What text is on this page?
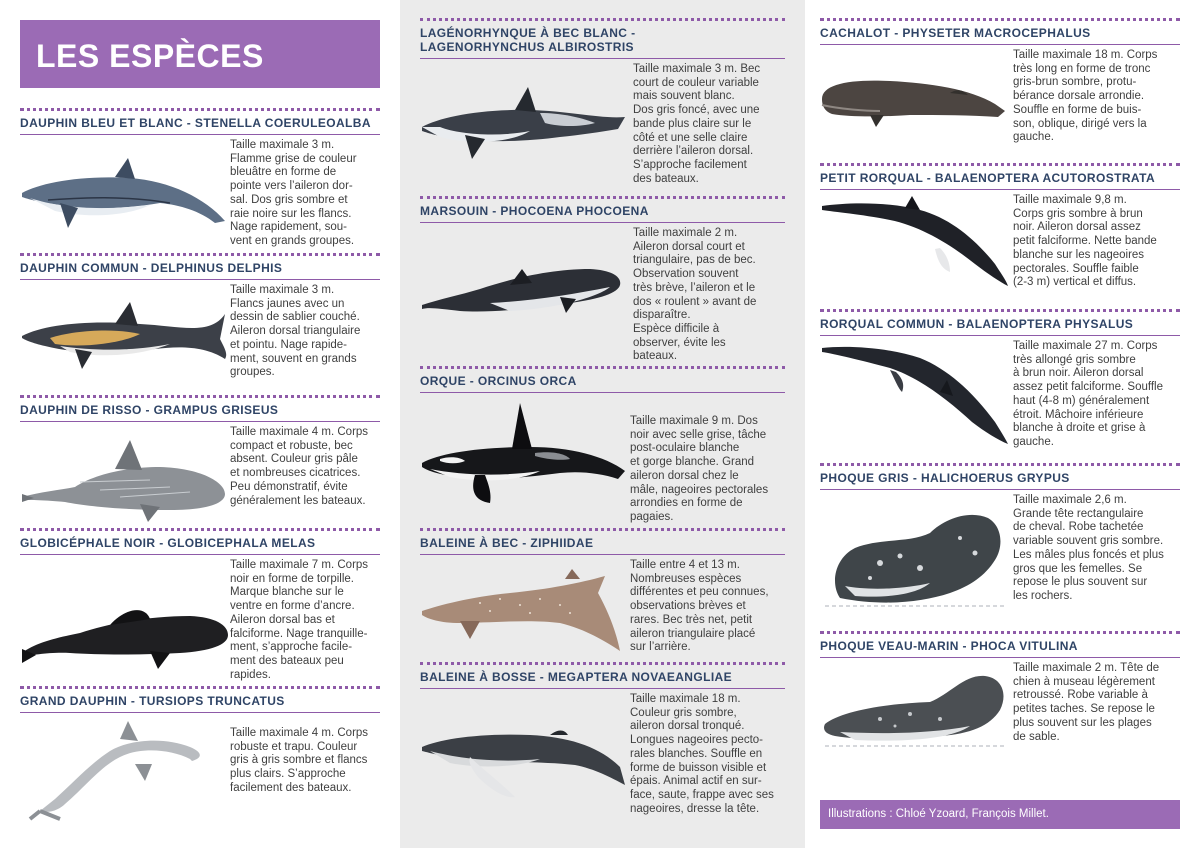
LES ESPÈCES
DAUPHIN BLEU ET BLANC - STENELLA COERULEOALBA

Taille maximale 3 m.
Flamme grise de couleur
bleuâtre en forme de
pointe vers l’aileron dor-
sal. Dos gris sombre et
raie noire sur les flancs.
Nage rapidement, sou-
vent en grands groupes.

DAUPHIN COMMUN - DELPHINUS DELPHIS

Taille maximale 3 m.
Flancs jaunes avec un
dessin de sablier couché.
Aileron dorsal triangulaire
et pointu. Nage rapide-
ment, souvent en grands
groupes.

DAUPHIN DE RISSO - GRAMPUS GRISEUS

Taille maximale 4 m. Corps
compact et robuste, bec
absent. Couleur gris pâle
et nombreuses cicatrices.
Peu démonstratif, évite
généralement les bateaux.

GLOBICÉPHALE NOIR - GLOBICEPHALA MELAS

Taille maximale 7 m. Corps
noir en forme de torpille.
Marque blanche sur le
ventre en forme d’ancre.
Aileron dorsal bas et
falciforme. Nage tranquille-
ment, s’approche facile-
ment des bateaux peu
rapides.

GRAND DAUPHIN - TURSIOPS TRUNCATUS

Taille maximale 4 m. Corps
robuste et trapu. Couleur
gris à gris sombre et flancs
plus clairs. S’approche
facilement des bateaux.

LAGÉNORHYNQUE À BEC BLANC -
LAGENORHYNCHUS ALBIROSTRIS

Taille maximale 3 m. Bec
court de couleur variable
mais souvent blanc.
Dos gris foncé, avec une
bande plus claire sur le
côté et une selle claire
derrière l’aileron dorsal.
S’approche facilement
des bateaux.

MARSOUIN - PHOCOENA PHOCOENA

Taille maximale 2 m.
Aileron dorsal court et
triangulaire, pas de bec.
Observation souvent
très brève, l’aileron et le
dos « roulent » avant de
disparaître.
Espèce difficile à
observer, évite les
bateaux.

ORQUE - ORCINUS ORCA

Taille maximale 9 m. Dos
noir avec selle grise, tâche
post-oculaire blanche
et gorge blanche. Grand
aileron dorsal chez le
mâle, nageoires pectorales
arrondies en forme de
pagaies.

BALEINE À BEC - ZIPHIIDAE

Taille entre 4 et 13 m.
Nombreuses espèces
différentes et peu connues,
observations brèves et
rares. Bec très net, petit
aileron triangulaire placé
sur l’arrière.

BALEINE À BOSSE - MEGAPTERA NOVAEANGLIAE

Taille maximale 18 m.
Couleur gris sombre,
aileron dorsal tronqué.
Longues nageoires pecto-
rales blanches. Souffle en
forme de buisson visible et
épais. Animal actif en sur-
face, saute, frappe avec ses
nageoires, dresse la tête.

CACHALOT - PHYSETER MACROCEPHALUS

Taille maximale 18 m. Corps
très long en forme de tronc
gris-brun sombre, protu-
bérance dorsale arrondie.
Souffle en forme de buis-
son, oblique, dirigé vers la
gauche.

PETIT RORQUAL - BALAENOPTERA ACUTOROSTRATA

Taille maximale 9,8 m.
Corps gris sombre à brun
noir. Aileron dorsal assez
petit falciforme. Nette bande
blanche sur les nageoires
pectorales. Souffle faible
(2-3 m) vertical et diffus.

RORQUAL COMMUN - BALAENOPTERA PHYSALUS

Taille maximale 27 m. Corps
très allongé gris sombre
à brun noir. Aileron dorsal
assez petit falciforme. Souffle
haut (4-8 m) généralement
étroit. Mâchoire inférieure
blanche à droite et grise à
gauche.

PHOQUE GRIS - HALICHOERUS GRYPUS

Taille maximale 2,6 m.
Grande tête rectangulaire
de cheval. Robe tachetée
variable souvent gris sombre.
Les mâles plus foncés et plus
gros que les femelles. Se
repose le plus souvent sur
les rochers.

PHOQUE VEAU-MARIN - PHOCA VITULINA

Taille maximale 2 m. Tête de
chien à museau légèrement
retroussé. Robe variable à
petites taches. Se repose le
plus souvent sur les plages
de sable.

Illustrations : Chloé Yzoard, François Millet.
